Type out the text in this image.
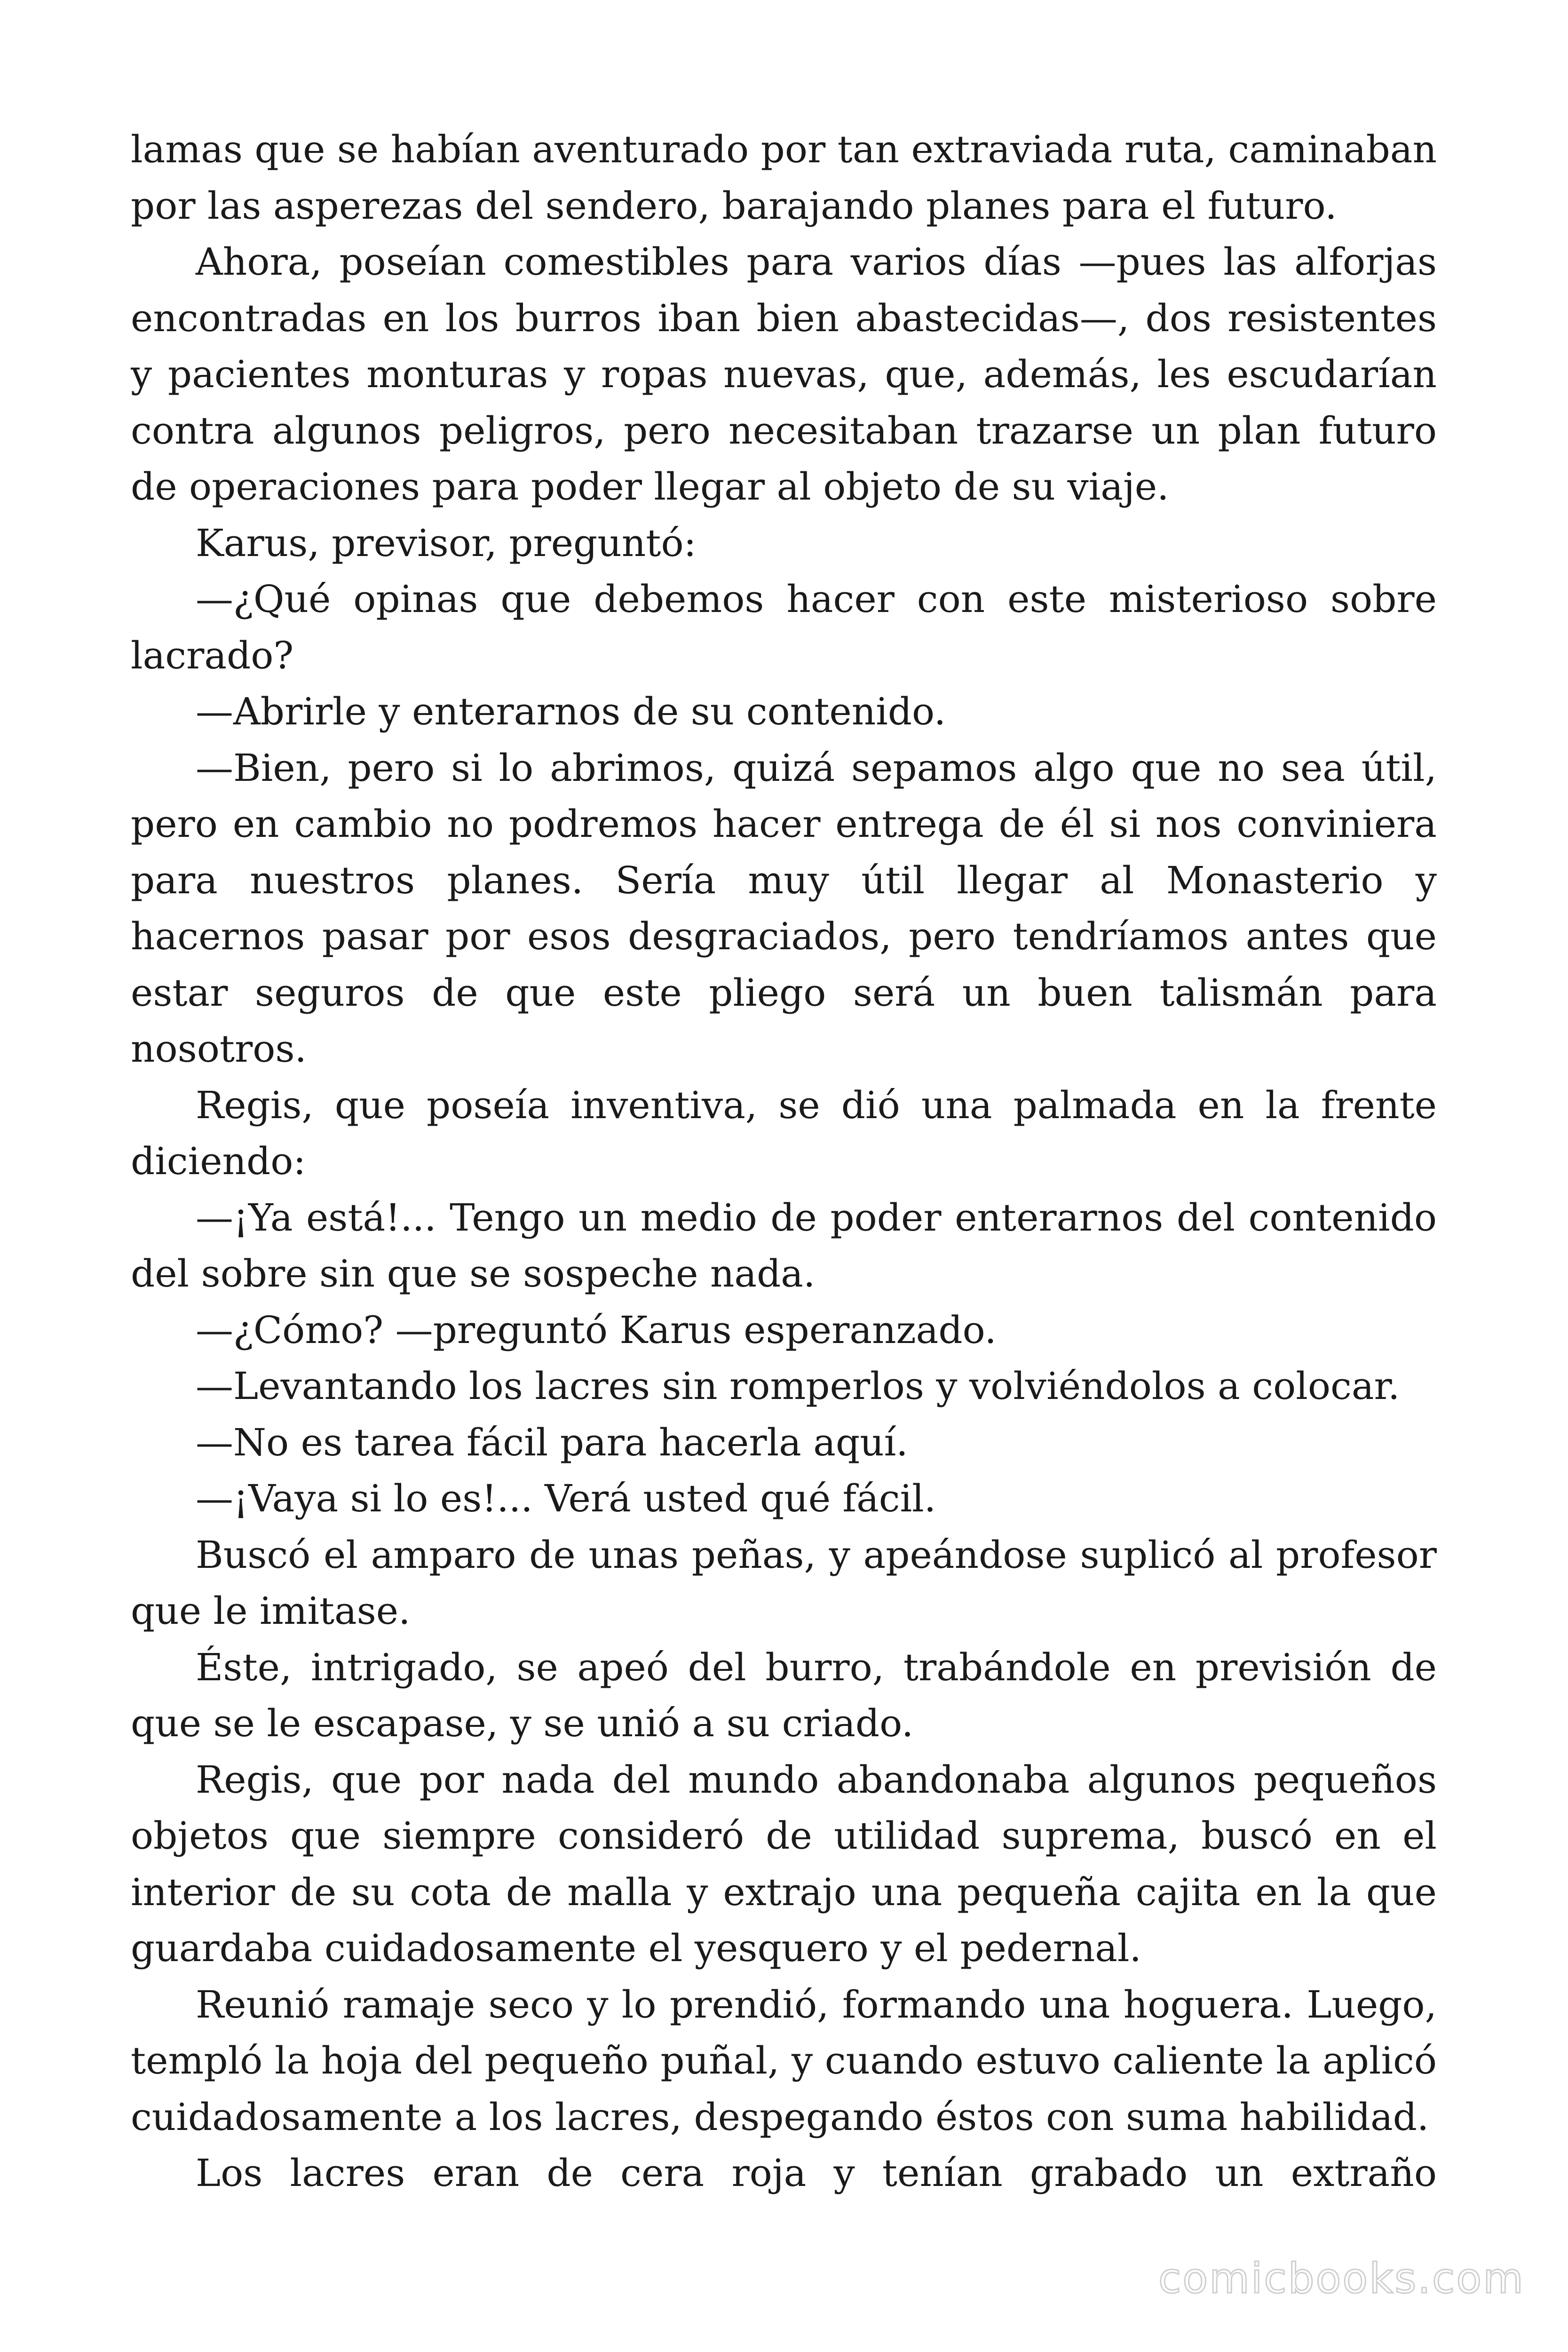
lamas que se habían aventurado por tan extraviada ruta, caminaban por las asperezas del sendero, barajando planes para el futuro.

Ahora, poseían comestibles para varios días —pues las alforjas encontradas en los burros iban bien abastecidas—, dos resistentes y pacientes monturas y ropas nuevas, que, además, les escudarían contra algunos peligros, pero necesitaban trazarse un plan futuro de operaciones para poder llegar al objeto de su viaje.

Karus, previsor, preguntó:

—¿Qué opinas que debemos hacer con este misterioso sobre lacrado?

—Abrirle y enterarnos de su contenido.

—Bien, pero si lo abrimos, quizá sepamos algo que no sea útil, pero en cambio no podremos hacer entrega de él si nos conviniera para nuestros planes. Sería muy útil llegar al Monasterio y hacernos pasar por esos desgraciados, pero tendríamos antes que estar seguros de que este pliego será un buen talismán para nosotros.

Regis, que poseía inventiva, se dió una palmada en la frente diciendo:

—¡Ya está!... Tengo un medio de poder enterarnos del contenido del sobre sin que se sospeche nada.

—¿Cómo? —preguntó Karus esperanzado.

—Levantando los lacres sin romperlos y volviéndolos a colocar.

—No es tarea fácil para hacerla aquí.

—¡Vaya si lo es!... Verá usted qué fácil.

Buscó el amparo de unas peñas, y apeándose suplicó al profesor que le imitase.

Éste, intrigado, se apeó del burro, trabándole en previsión de que se le escapase, y se unió a su criado.

Regis, que por nada del mundo abandonaba algunos pequeños objetos que siempre consideró de utilidad suprema, buscó en el interior de su cota de malla y extrajo una pequeña cajita en la que guardaba cuidadosamente el yesquero y el pedernal.

Reunió ramaje seco y lo prendió, formando una hoguera. Luego, templó la hoja del pequeño puñal, y cuando estuvo caliente la aplicó cuidadosamente a los lacres, despegando éstos con suma habilidad.

Los lacres eran de cera roja y tenían grabado un extraño

comicbooks.com
